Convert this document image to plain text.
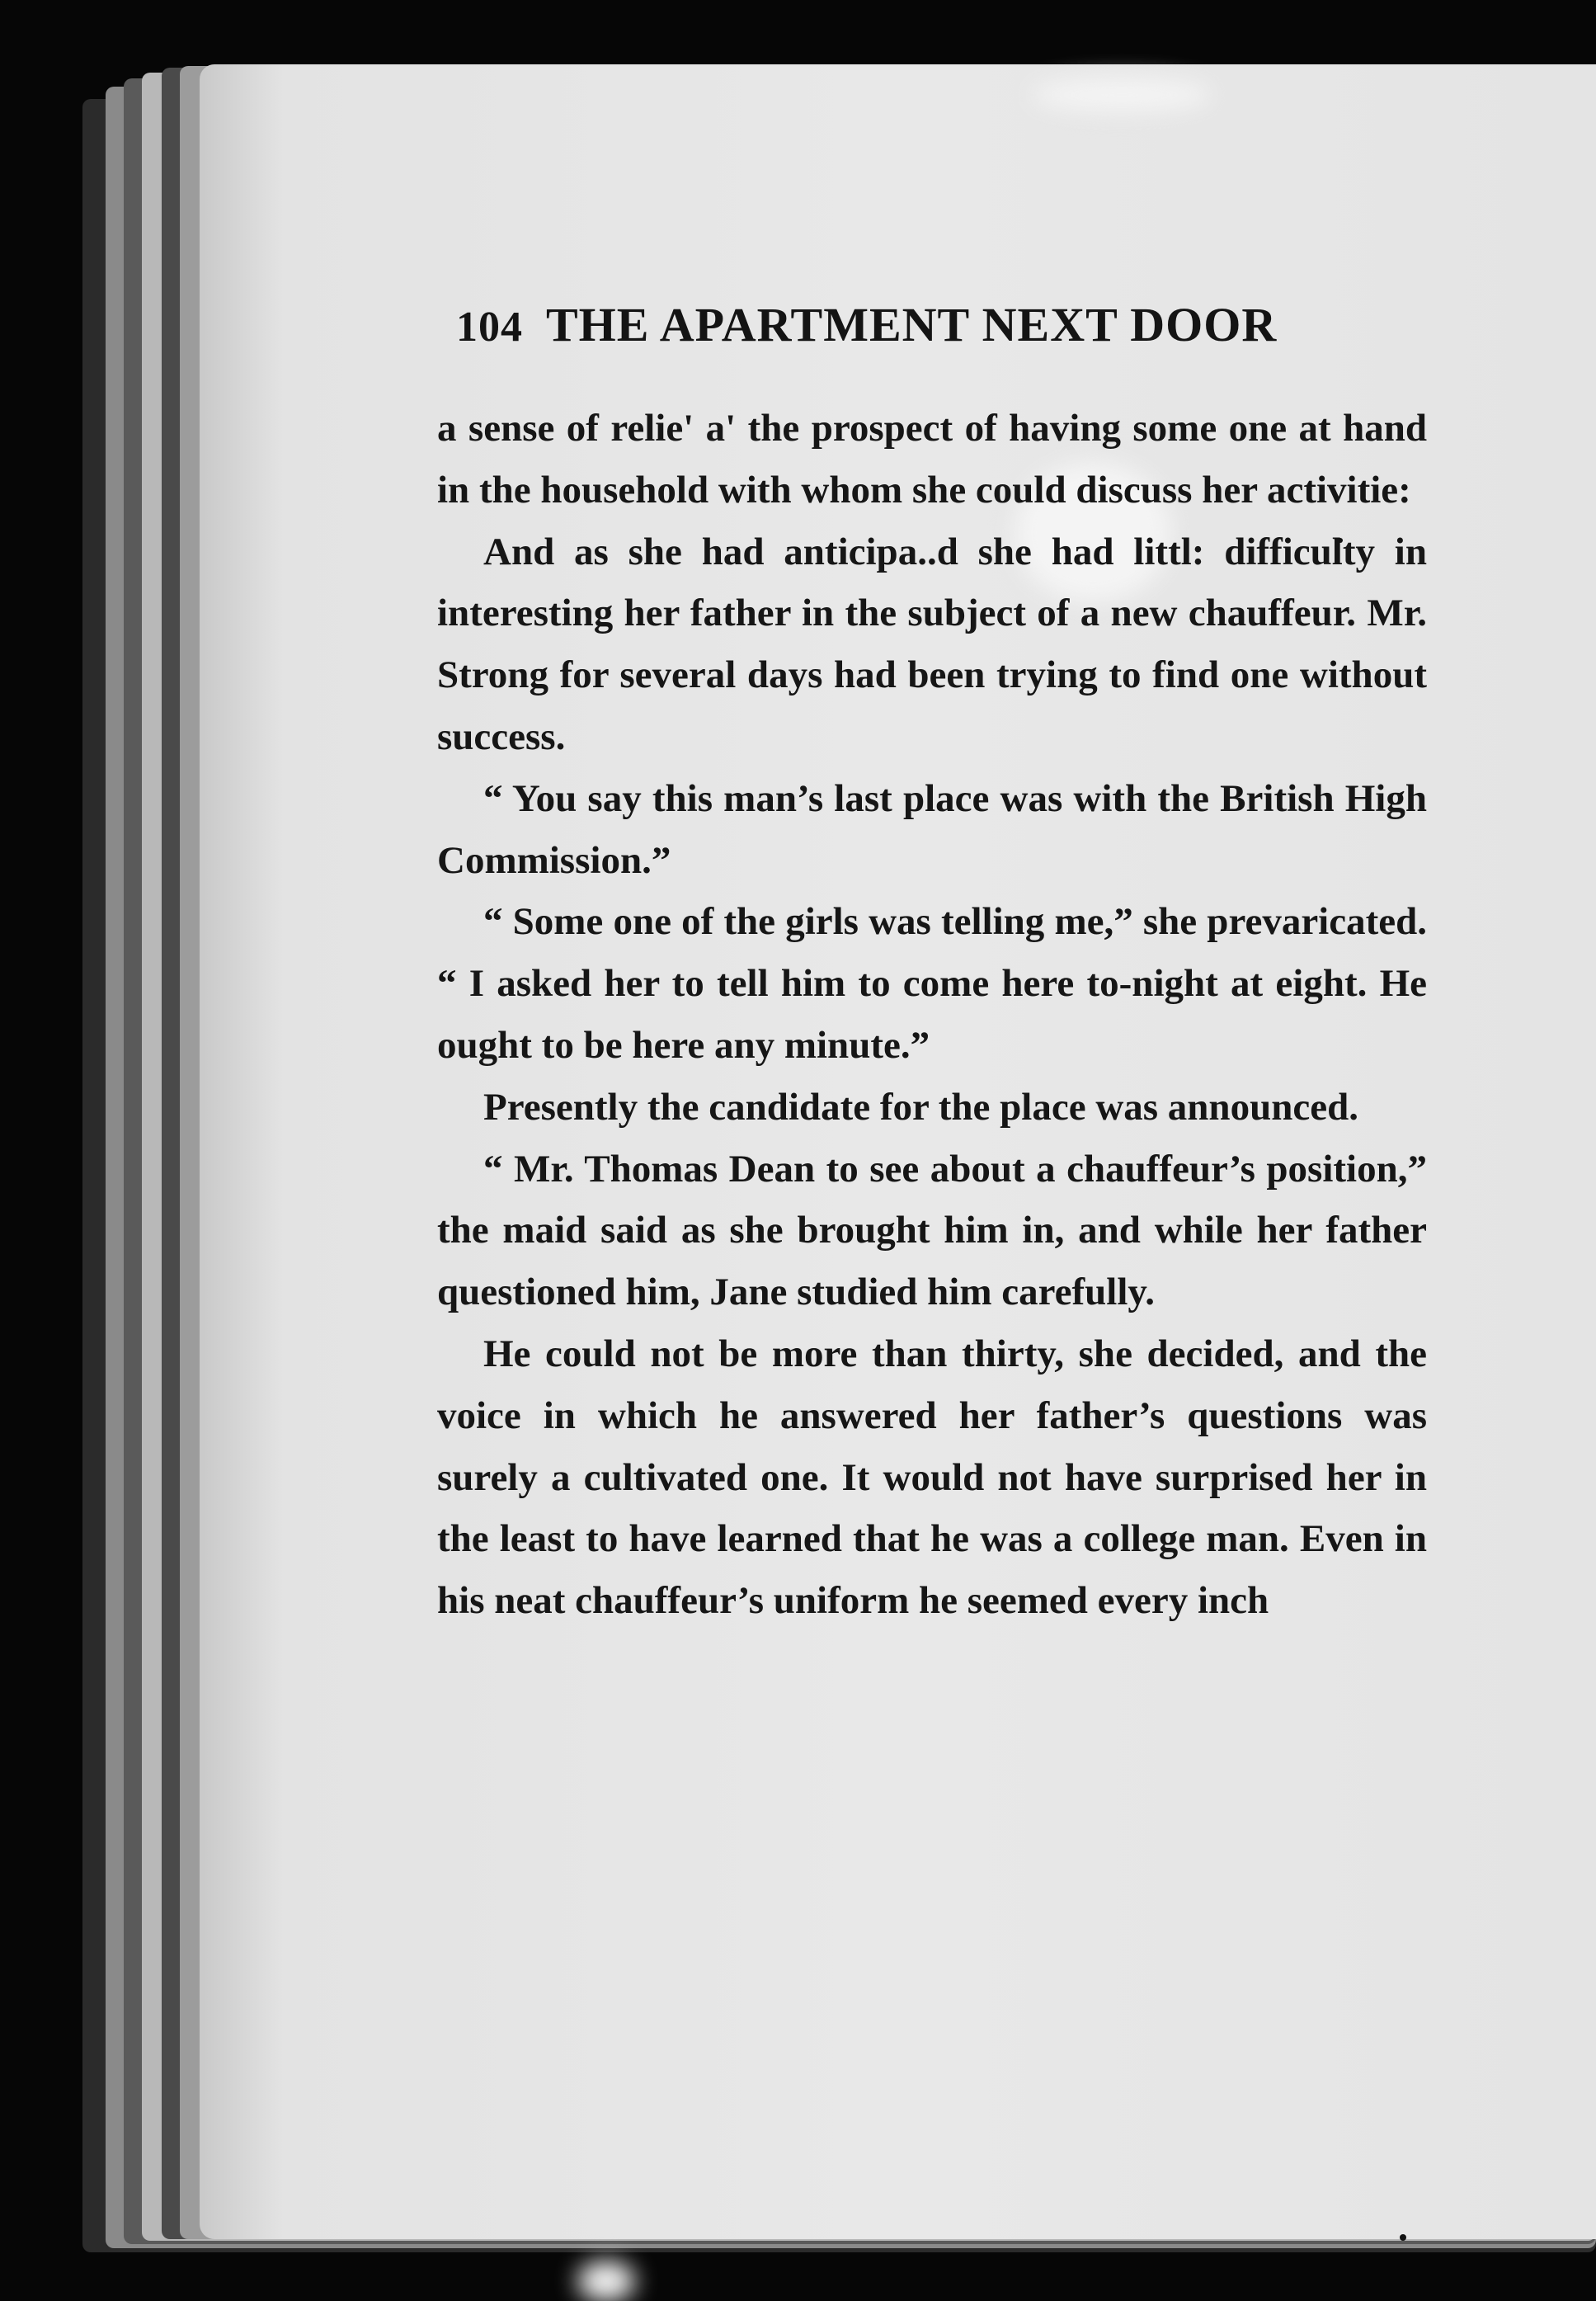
104 THE APARTMENT NEXT DOOR

a sense of relie' a' the prospect of having some one at hand in the household with whom she could discuss her activitie:

And as she had anticipa..d she had littl: difficulty in interesting her father in the subject of a new chauffeur. Mr. Strong for several days had been trying to find one without success.

“ You say this man’s last place was with the British High Commission.”

“ Some one of the girls was telling me,” she prevaricated. “ I asked her to tell him to come here to-night at eight. He ought to be here any minute.”

Presently the candidate for the place was announced.

“ Mr. Thomas Dean to see about a chauffeur’s position,” the maid said as she brought him in, and while her father questioned him, Jane studied him carefully.

He could not be more than thirty, she decided, and the voice in which he answered her father’s questions was surely a cultivated one. It would not have surprised her in the least to have learned that he was a college man. Even in his neat chauffeur’s uniform he seemed every inch
